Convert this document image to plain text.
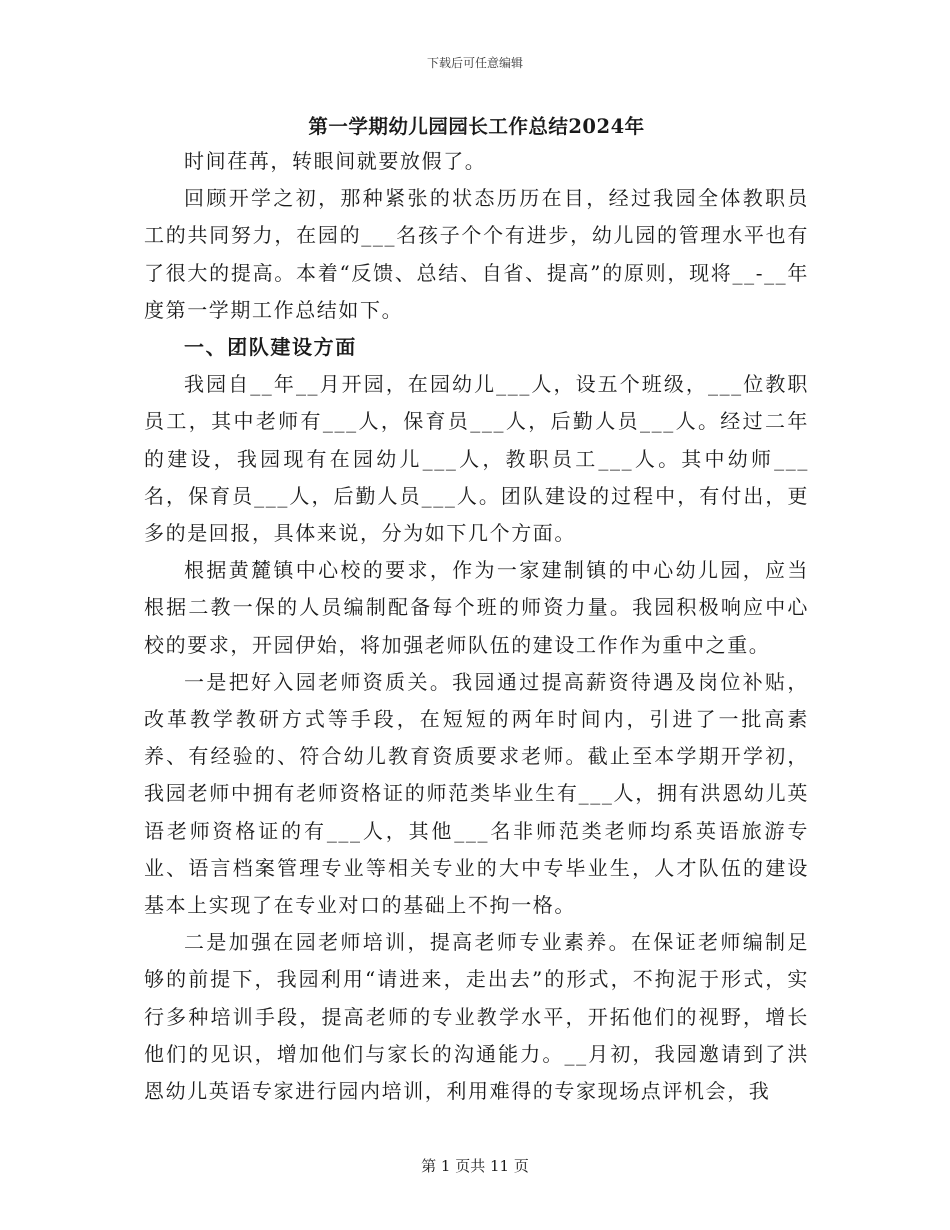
下载后可任意编辑
第一学期幼儿园园长工作总结2024年

时间荏苒，转眼间就要放假了。

回顾开学之初，那种紧张的状态历历在目，经过我园全体教职员工的共同努力，在园的___名孩子个个有进步，幼儿园的管理水平也有了很大的提高。本着“反馈、总结、自省、提高”的原则，现将__-__年度第一学期工作总结如下。

一、团队建设方面

我园自__年__月开园，在园幼儿___人，设五个班级，___位教职员工，其中老师有___人，保育员___人，后勤人员___人。经过二年的建设，我园现有在园幼儿___人，教职员工___人。其中幼师___名，保育员___人，后勤人员___人。团队建设的过程中，有付出，更多的是回报，具体来说，分为如下几个方面。

根据黄麓镇中心校的要求，作为一家建制镇的中心幼儿园，应当根据二教一保的人员编制配备每个班的师资力量。我园积极响应中心校的要求，开园伊始，将加强老师队伍的建设工作作为重中之重。

一是把好入园老师资质关。我园通过提高薪资待遇及岗位补贴，改革教学教研方式等手段，在短短的两年时间内，引进了一批高素养、有经验的、符合幼儿教育资质要求老师。截止至本学期开学初，我园老师中拥有老师资格证的师范类毕业生有___人，拥有洪恩幼儿英语老师资格证的有___人，其他___名非师范类老师均系英语旅游专业、语言档案管理专业等相关专业的大中专毕业生，人才队伍的建设基本上实现了在专业对口的基础上不拘一格。

二是加强在园老师培训，提高老师专业素养。在保证老师编制足够的前提下，我园利用“请进来，走出去”的形式，不拘泥于形式，实行多种培训手段，提高老师的专业教学水平，开拓他们的视野，增长他们的见识，增加他们与家长的沟通能力。__月初，我园邀请到了洪恩幼儿英语专家进行园内培训，利用难得的专家现场点评机会，我

第 1 页共 11 页
